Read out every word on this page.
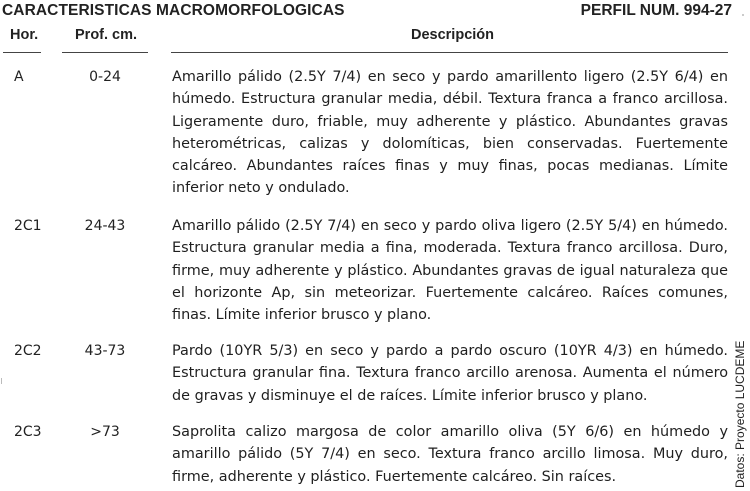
CARACTERISTICAS MACROMORFOLOGICAS	PERFIL NUM. 994-27
Hor.	Prof. cm.	Descripción
A	0-24	Amarillo pálido (2.5Y 7/4) en seco y pardo amarillento ligero (2.5Y 6/4) en húmedo. Estructura granular media, débil. Textura franca a franco arcillosa. Ligeramente duro, friable, muy adherente y plástico. Abundantes gravas heterométricas, calizas y dolomíticas, bien conservadas. Fuertemente calcáreo. Abundantes raíces finas y muy finas, pocas medianas. Límite inferior neto y ondulado.

2C1	24-43	Amarillo pálido (2.5Y 7/4) en seco y pardo oliva ligero (2.5Y 5/4) en húmedo. Estructura granular media a fina, moderada. Textura franco arcillosa. Duro, firme, muy adherente y plástico. Abundantes gravas de igual naturaleza que el horizonte Ap, sin meteorizar. Fuertemente calcáreo. Raíces comunes, finas. Límite inferior brusco y plano.

2C2	43-73	Pardo (10YR 5/3) en seco y pardo a pardo oscuro (10YR 4/3) en húmedo. Estructura granular fina. Textura franco arcillo arenosa. Aumenta el número de gravas y disminuye el de raíces. Límite inferior brusco y plano.

2C3	>73	Saprolita calizo margosa de color amarillo oliva (5Y 6/6) en húmedo y amarillo pálido (5Y 7/4) en seco. Textura franco arcillo limosa. Muy duro, firme, adherente y plástico. Fuertemente calcáreo. Sin raíces.	Datos: Proyecto LUCDEME
